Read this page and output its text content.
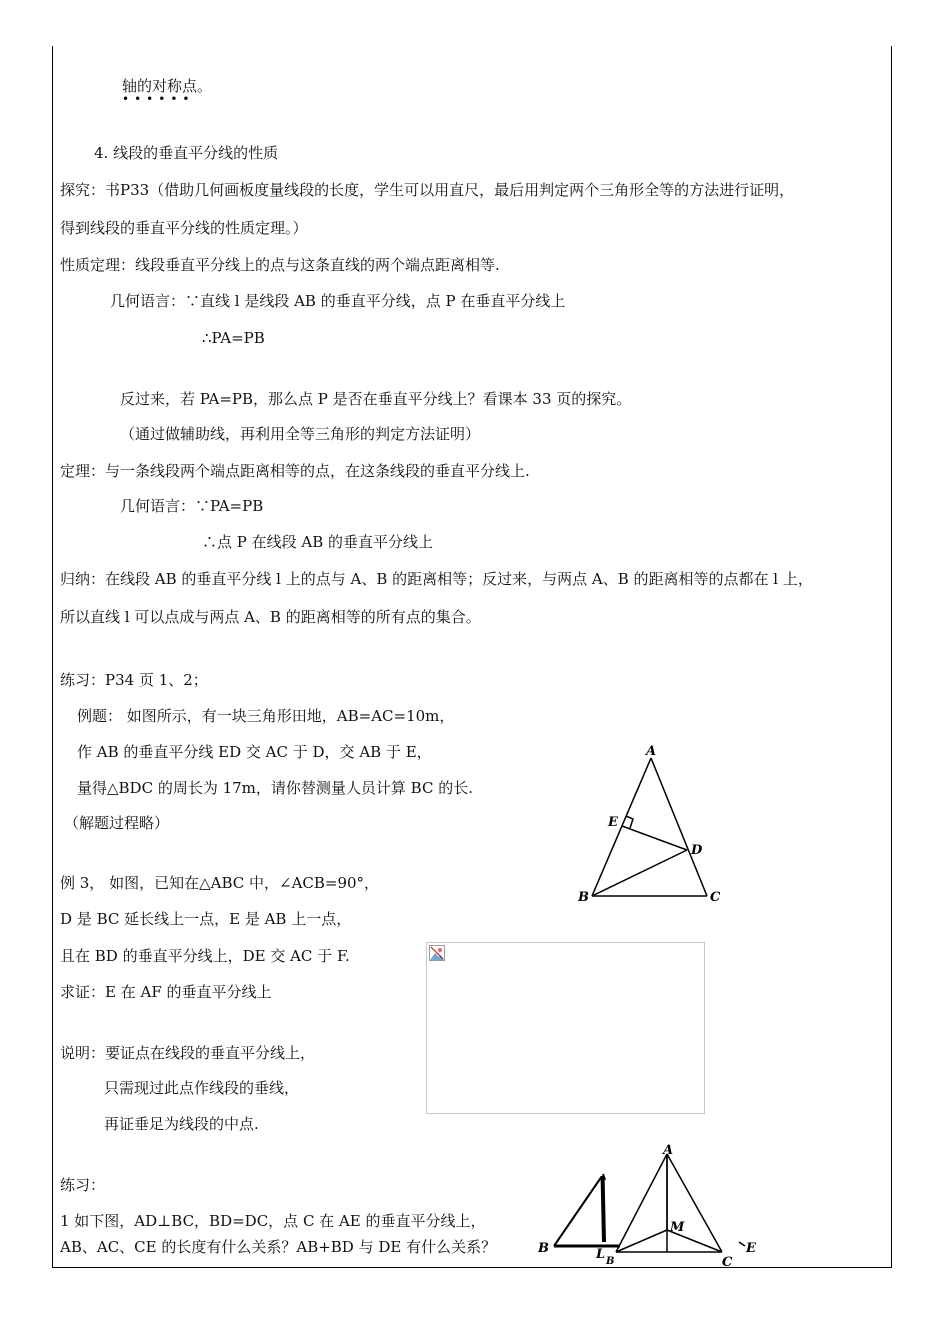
轴的对称点。
••••••
4. 线段的垂直平分线的性质
探究：书P33（借助几何画板度量线段的长度，学生可以用直尺，最后用判定两个三角形全等的方法进行证明，
得到线段的垂直平分线的性质定理。）
性质定理：线段垂直平分线上的点与这条直线的两个端点距离相等.
几何语言：∵直线 l 是线段 AB 的垂直平分线，点 P 在垂直平分线上
∴PA=PB
反过来，若 PA=PB，那么点 P 是否在垂直平分线上？看课本 33 页的探究。
（通过做辅助线，再利用全等三角形的判定方法证明）
定理：与一条线段两个端点距离相等的点，在这条线段的垂直平分线上.
几何语言：∵PA=PB
∴点 P 在线段 AB 的垂直平分线上
归纳：在线段 AB 的垂直平分线 l 上的点与 A、B 的距离相等；反过来，与两点 A、B 的距离相等的点都在 l 上，
所以直线 l 可以点成与两点 A、B 的距离相等的所有点的集合。
练习：P34 页 1、2；
例题： 如图所示，有一块三角形田地，AB=AC=10m，
作 AB 的垂直平分线 ED 交 AC 于 D，交 AB 于 E，
量得△BDC 的周长为 17m，请你替测量人员计算 BC 的长.
（解题过程略）
例 3， 如图，已知在△ABC 中，∠ACB=90°，
D 是 BC 延长线上一点，E 是 AB 上一点，
且在 BD 的垂直平分线上，DE 交 AC 于 F.
求证：E 在 AF 的垂直平分线上
说明：要证点在线段的垂直平分线上，
只需现过此点作线段的垂线，
再证垂足为线段的中点.
练习：
1 如下图，AD⊥BC，BD=DC，点 C 在 AE 的垂直平分线上，
AB、AC、CE 的长度有什么关系？AB+BD 与 DE 有什么关系？
A
E
D
B	C
A
M
B	L B	C
E
